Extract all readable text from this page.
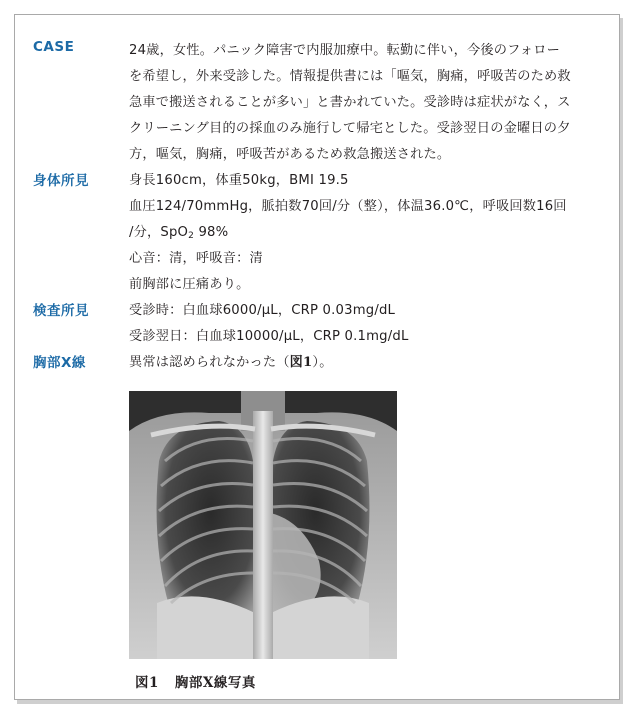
CASE	24歳，女性。パニック障害で内服加療中。転勤に伴い，今後のフォロー
を希望し，外来受診した。情報提供書には「嘔気，胸痛，呼吸苦のため救
急車で搬送されることが多い」と書かれていた。受診時は症状がなく，ス
クリーニング目的の採血のみ施行して帰宅とした。受診翌日の金曜日の夕
方，嘔気，胸痛，呼吸苦があるため救急搬送された。
身体所見	身長160cm，体重50kg，BMI 19.5
血圧124/70mmHg，脈拍数70回/分（整），体温36.0℃，呼吸回数16回
/分，SpO$_2$ 98%
心音：清，呼吸音：清
前胸部に圧痛あり。
検査所見	受診時：白血球6000/μL，CRP 0.03mg/dL
受診翌日：白血球10000/μL，CRP 0.1mg/dL
胸部X線	異常は認められなかった（図1）。
図1 胸部X線写真
